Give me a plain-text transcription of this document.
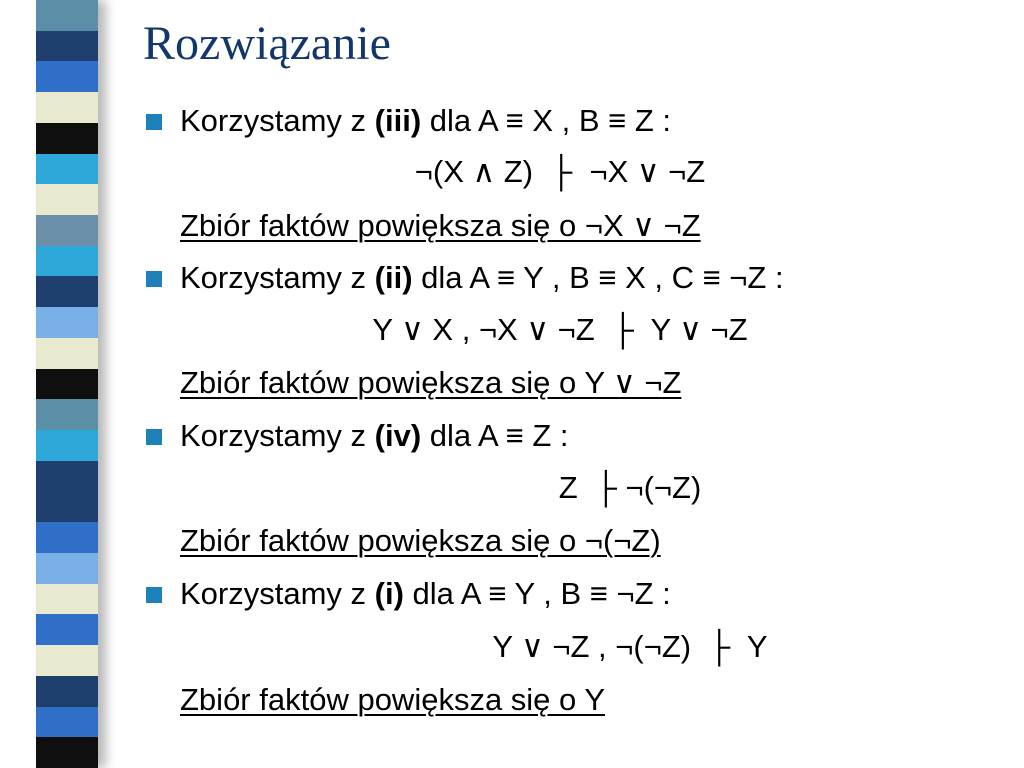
Rozwiązanie
Korzystamy z (iii) dla A ≡ X , B ≡ Z :
¬(X ∧ Z)  ├  ¬X ∨ ¬Z
Zbiór faktów powiększa się o ¬X ∨ ¬Z
Korzystamy z (ii) dla A ≡ Y , B ≡ X , C ≡ ¬Z :
Y ∨ X , ¬X ∨ ¬Z  ├  Y ∨ ¬Z
Zbiór faktów powiększa się o Y ∨ ¬Z
Korzystamy z (iv) dla A ≡ Z :
Z  ├ ¬(¬Z)
Zbiór faktów powiększa się o ¬(¬Z)
Korzystamy z (i) dla A ≡ Y , B ≡ ¬Z :
Y ∨ ¬Z , ¬(¬Z)  ├  Y
Zbiór faktów powiększa się o Y
